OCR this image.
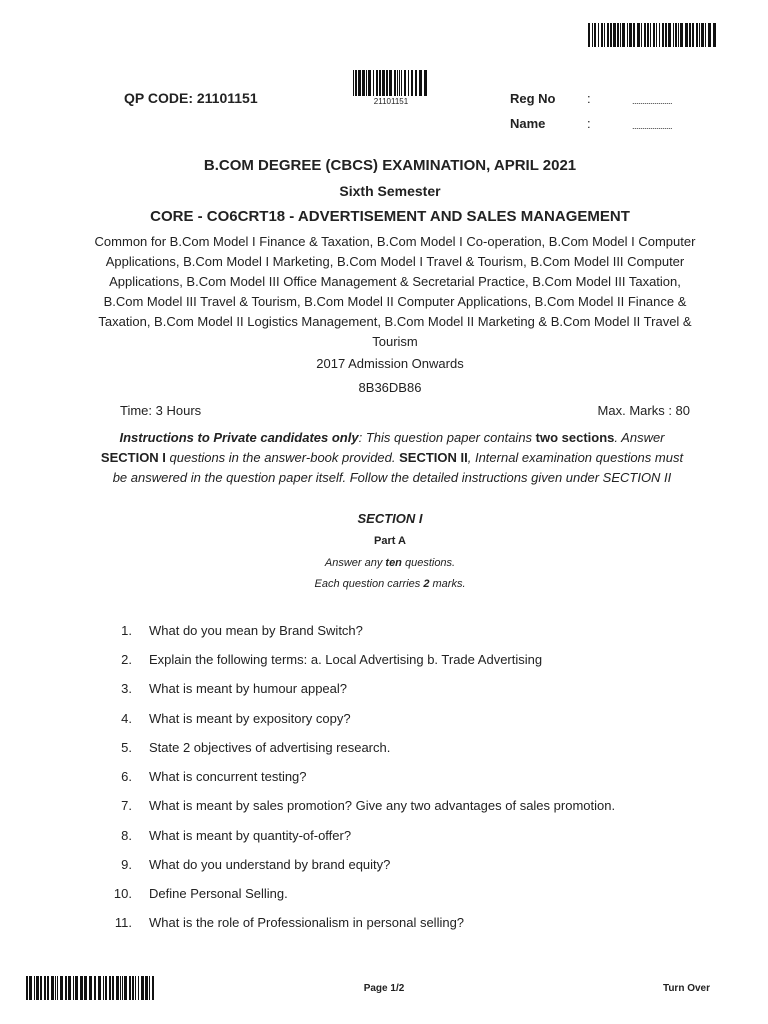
21101151
QP CODE: 21101151	Reg No :	....................
Name	:	....................
B.COM DEGREE (CBCS) EXAMINATION, APRIL 2021
Sixth Semester
CORE - CO6CRT18 - ADVERTISEMENT AND SALES MANAGEMENT
Common for B.Com Model I Finance & Taxation, B.Com Model I Co-operation, B.Com Model I Computer Applications, B.Com Model I Marketing, B.Com Model I Travel & Tourism, B.Com Model III Computer Applications, B.Com Model III Office Management & Secretarial Practice, B.Com Model III Taxation, B.Com Model III Travel & Tourism, B.Com Model II Computer Applications, B.Com Model II Finance & Taxation, B.Com Model II Logistics Management, B.Com Model II Marketing & B.Com Model II Travel & Tourism
2017 Admission Onwards
8B36DB86
Time: 3 Hours	Max. Marks : 80
Instructions to Private candidates only: This question paper contains two sections. Answer SECTION I questions in the answer-book provided. SECTION II, Internal examination questions must be answered in the question paper itself. Follow the detailed instructions given under SECTION II
SECTION I
Part A
Answer any ten questions.
Each question carries 2 marks.
1. What do you mean by Brand Switch?
2. Explain the following terms: a. Local Advertising b. Trade Advertising
3. What is meant by humour appeal?
4. What is meant by expository copy?
5. State 2 objectives of advertising research.
6. What is concurrent testing?
7. What is meant by sales promotion? Give any two advantages of sales promotion.
8. What is meant by quantity-of-offer?
9. What do you understand by brand equity?
10. Define Personal Selling.
11. What is the role of Professionalism in personal selling?
Page 1/2	Turn Over
